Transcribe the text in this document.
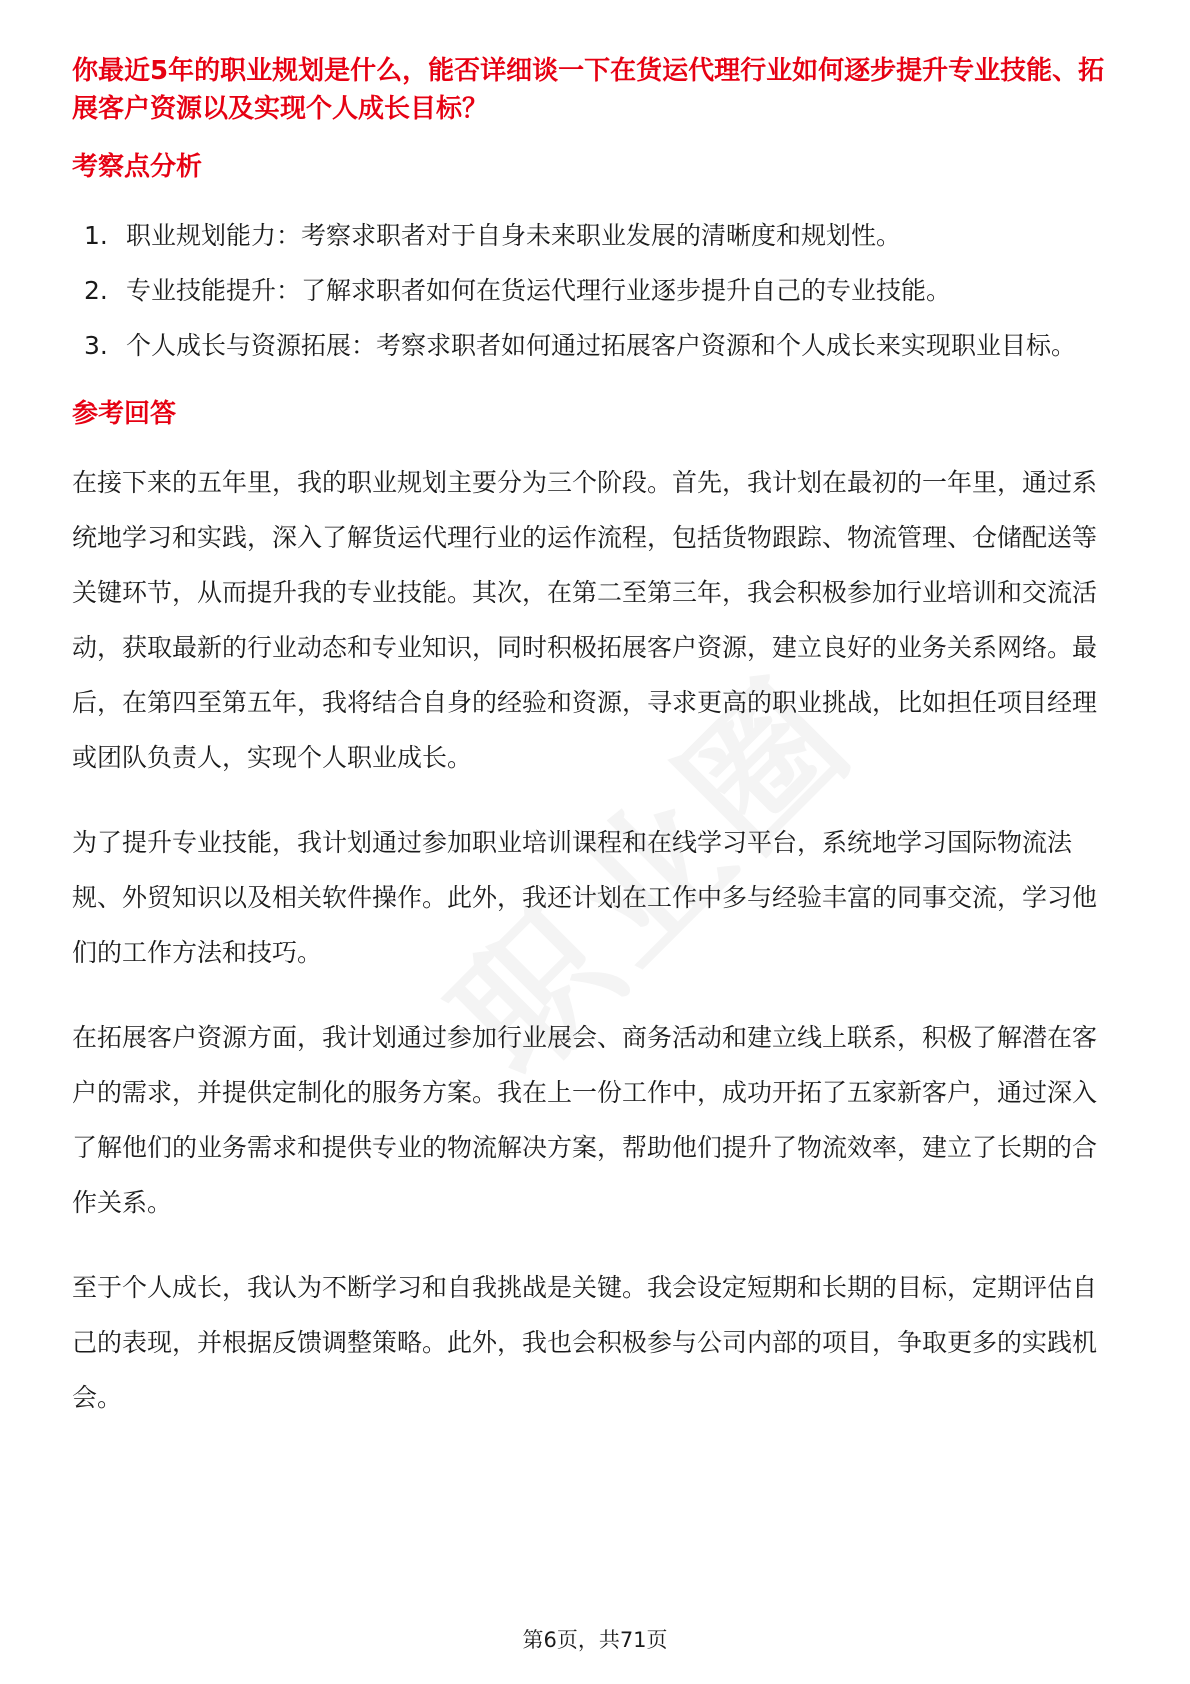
你最近5年的职业规划是什么，能否详细谈一下在货运代理行业如何逐步提升专业技能、拓展客户资源以及实现个人成长目标？
考察点分析
1. 职业规划能力：考察求职者对于自身未来职业发展的清晰度和规划性。
2. 专业技能提升：了解求职者如何在货运代理行业逐步提升自己的专业技能。
3. 个人成长与资源拓展：考察求职者如何通过拓展客户资源和个人成长来实现职业目标。
参考回答

在接下来的五年里，我的职业规划主要分为三个阶段。首先，我计划在最初的一年里，通过系统地学习和实践，深入了解货运代理行业的运作流程，包括货物跟踪、物流管理、仓储配送等关键环节，从而提升我的专业技能。其次，在第二至第三年，我会积极参加行业培训和交流活动，获取最新的行业动态和专业知识，同时积极拓展客户资源，建立良好的业务关系网络。最后，在第四至第五年，我将结合自身的经验和资源，寻求更高的职业挑战，比如担任项目经理或团队负责人，实现个人职业成长。

为了提升专业技能，我计划通过参加职业培训课程和在线学习平台，系统地学习国际物流法规、外贸知识以及相关软件操作。此外，我还计划在工作中多与经验丰富的同事交流，学习他们的工作方法和技巧。

在拓展客户资源方面，我计划通过参加行业展会、商务活动和建立线上联系，积极了解潜在客户的需求，并提供定制化的服务方案。我在上一份工作中，成功开拓了五家新客户，通过深入了解他们的业务需求和提供专业的物流解决方案，帮助他们提升了物流效率，建立了长期的合作关系。

至于个人成长，我认为不断学习和自我挑战是关键。我会设定短期和长期的目标，定期评估自己的表现，并根据反馈调整策略。此外，我也会积极参与公司内部的项目，争取更多的实践机会。

第6页，共71页
